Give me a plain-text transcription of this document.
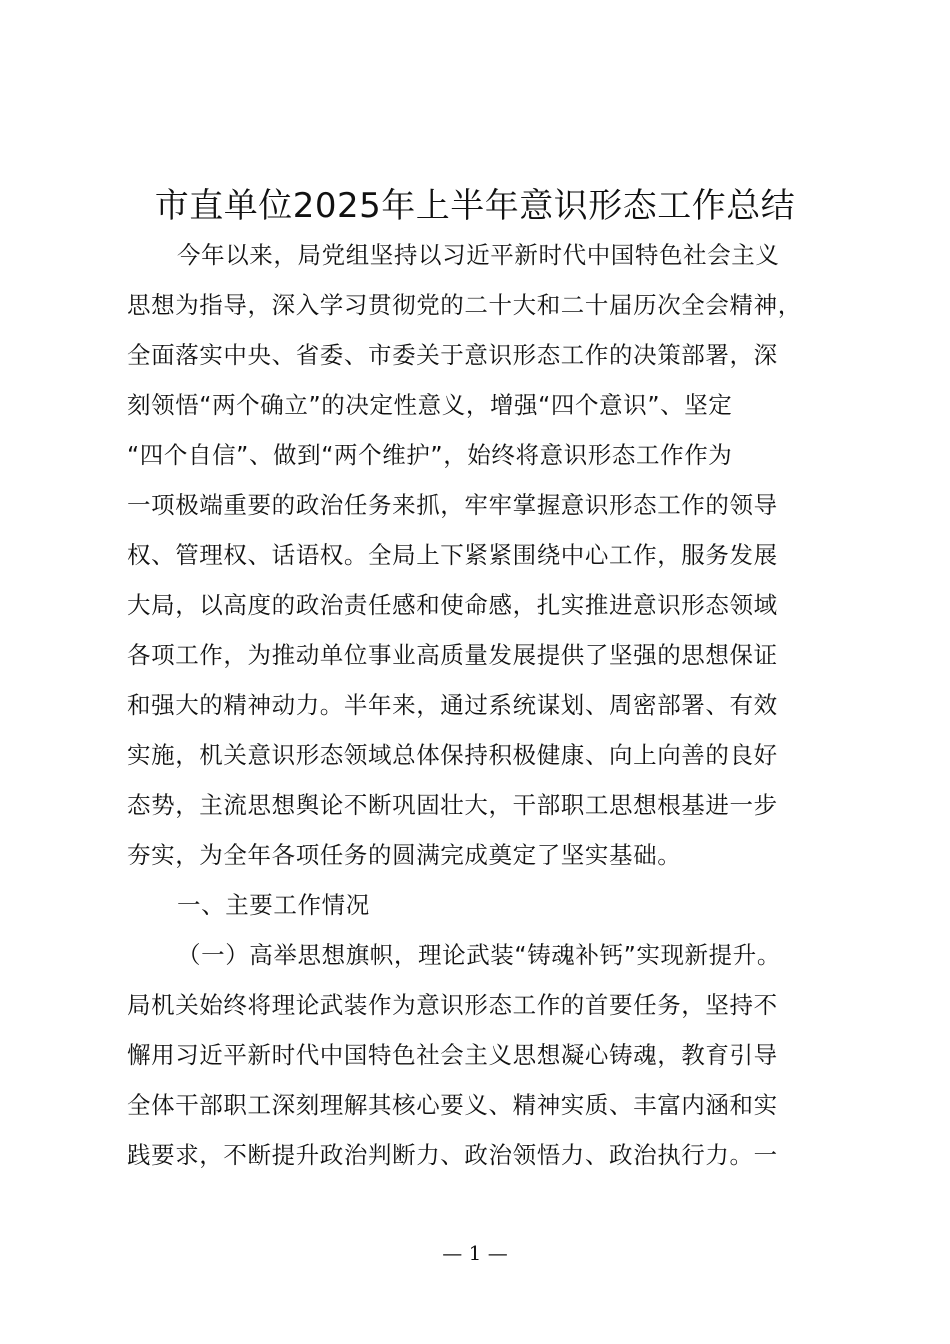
市直单位2025年上半年意识形态工作总结
今年以来，局党组坚持以习近平新时代中国特色社会主义
思想为指导，深入学习贯彻党的二十大和二十届历次全会精神，
全面落实中央、省委、市委关于意识形态工作的决策部署，深
刻领悟“两个确立”的决定性意义，增强“四个意识”、坚定
“四个自信”、做到“两个维护”，始终将意识形态工作作为
一项极端重要的政治任务来抓，牢牢掌握意识形态工作的领导
权、管理权、话语权。全局上下紧紧围绕中心工作，服务发展
大局，以高度的政治责任感和使命感，扎实推进意识形态领域
各项工作，为推动单位事业高质量发展提供了坚强的思想保证
和强大的精神动力。半年来，通过系统谋划、周密部署、有效
实施，机关意识形态领域总体保持积极健康、向上向善的良好
态势，主流思想舆论不断巩固壮大，干部职工思想根基进一步
夯实，为全年各项任务的圆满完成奠定了坚实基础。
一、主要工作情况
（一）高举思想旗帜，理论武装“铸魂补钙”实现新提升。
局机关始终将理论武装作为意识形态工作的首要任务，坚持不
懈用习近平新时代中国特色社会主义思想凝心铸魂，教育引导
全体干部职工深刻理解其核心要义、精神实质、丰富内涵和实
践要求，不断提升政治判断力、政治领悟力、政治执行力。一
— 1 —
